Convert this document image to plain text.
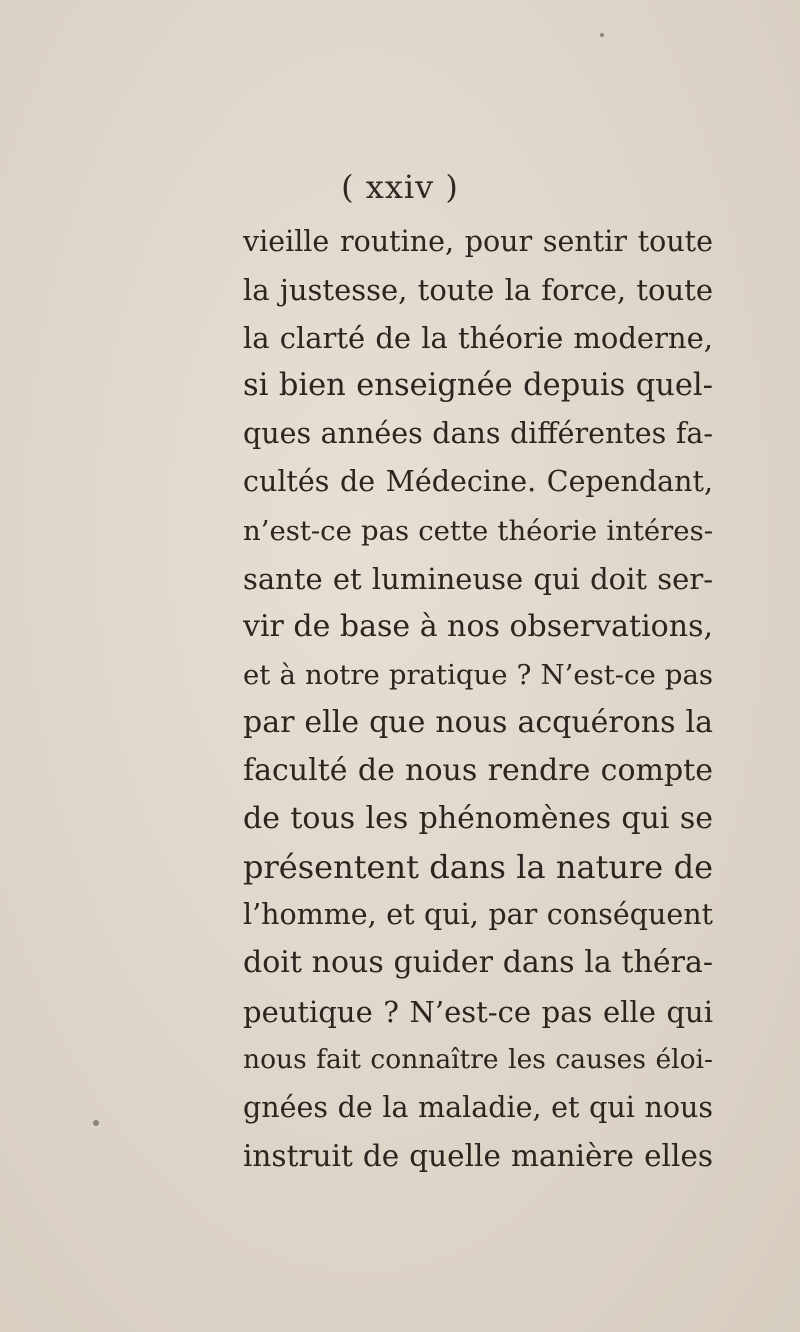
( xxiv )
vieille routine, pour sentir toute
la justesse, toute la force, toute
la clarté de la théorie moderne,
si bien enseignée depuis quel-
ques années dans différentes fa-
cultés de Médecine. Cependant,
n’est-ce pas cette théorie intéres-
sante et lumineuse qui doit ser-
vir de base à nos observations,
et à notre pratique ? N’est-ce pas
par elle que nous acquérons la
faculté de nous rendre compte
de tous les phénomènes qui se
présentent dans la nature de
l’homme, et qui, par conséquent
doit nous guider dans la théra-
peutique ? N’est-ce pas elle qui
nous fait connaître les causes éloi-
gnées de la maladie, et qui nous
instruit de quelle manière elles
